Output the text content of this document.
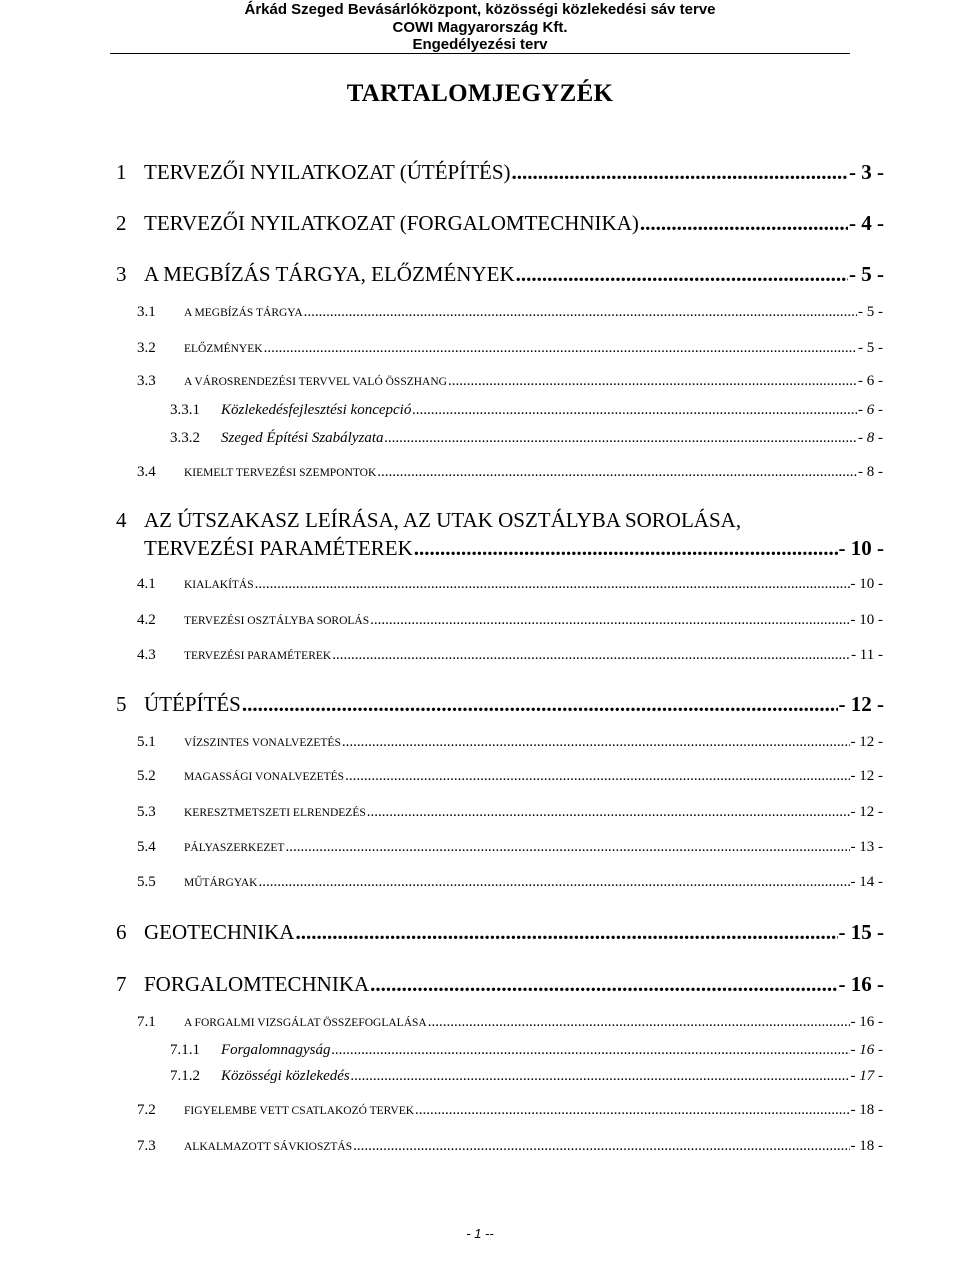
Árkád Szeged Bevásárlóközpont, közösségi közlekedési sáv terve
COWI Magyarország Kft.
Engedélyezési terv
TARTALOMJEGYZÉK
1 TERVEZŐI NYILATKOZAT (ÚTÉPÍTÉS) .....	- 3 -
2 TERVEZŐI NYILATKOZAT (FORGALOMTECHNIKA) .....	- 4 -
3 A MEGBÍZÁS TÁRGYA, ELŐZMÉNYEK .....	- 5 -
3.1	A MEGBÍZÁS TÁRGYA .....	- 5 -
3.2	ELŐZMÉNYEK .....	- 5 -
3.3	A VÁROSRENDEZÉSI TERVVEL VALÓ ÖSSZHANG .....	- 6 -
3.3.1	Közlekedésfejlesztési koncepció .....	- 6 -
3.3.2	Szeged Építési Szabályzata .....	- 8 -
3.4	KIEMELT TERVEZÉSI SZEMPONTOK .....	- 8 -
4 AZ ÚTSZAKASZ LEÍRÁSA, AZ UTAK OSZTÁLYBA SOROLÁSA,
TERVEZÉSI PARAMÉTEREK .....	- 10 -
4.1	KIALAKÍTÁS .....	- 10 -
4.2	TERVEZÉSI OSZTÁLYBA SOROLÁS .....	- 10 -
4.3	TERVEZÉSI PARAMÉTEREK .....	- 11 -
5 ÚTÉPÍTÉS .....	- 12 -
5.1	VÍZSZINTES VONALVEZETÉS .....	- 12 -
5.2	MAGASSÁGI VONALVEZETÉS .....	- 12 -
5.3	KERESZTMETSZETI ELRENDEZÉS .....	- 12 -
5.4	PÁLYASZERKEZET .....	- 13 -
5.5	MŰTÁRGYAK .....	- 14 -
6 GEOTECHNIKA .....	- 15 -
7 FORGALOMTECHNIKA .....	- 16 -
7.1	A FORGALMI VIZSGÁLAT ÖSSZEFOGLALÁSA .....	- 16 -
7.1.1	Forgalomnagyság .....	- 16 -
7.1.2	Közösségi közlekedés .....	- 17 -
7.2	FIGYELEMBE VETT CSATLAKOZÓ TERVEK .....	- 18 -
7.3	ALKALMAZOTT SÁVKIOSZTÁS .....	- 18 -
- 1 --
